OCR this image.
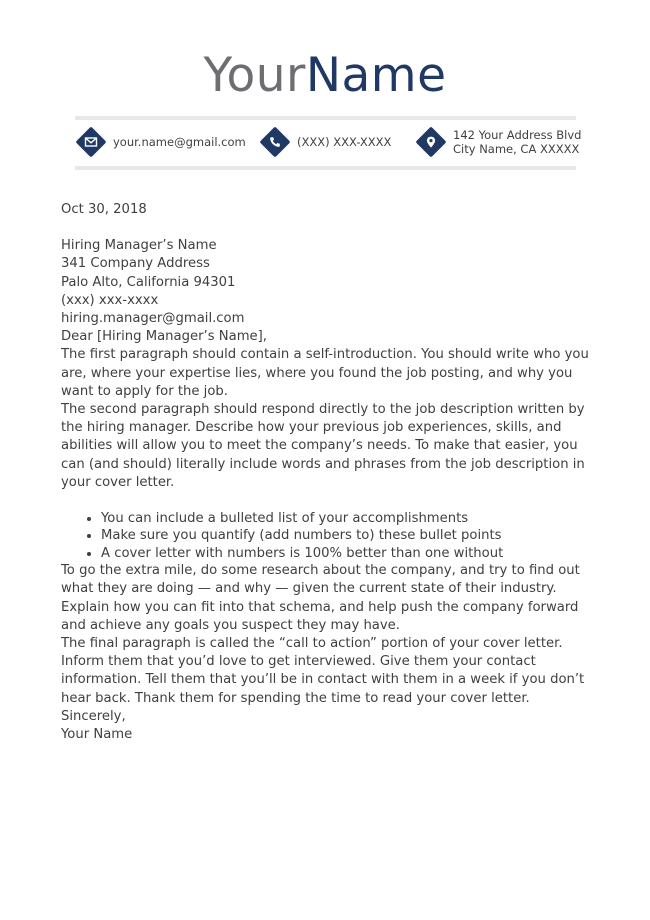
YourName
your.name@gmail.com	(XXX) XXX-XXXX	142 Your Address Blvd
City Name, CA XXXXX

Oct 30, 2018

Hiring Manager’s Name

341 Company Address

Palo Alto, California 94301

(xxx) xxx-xxxx

hiring.manager@gmail.com

Dear [Hiring Manager’s Name],

The first paragraph should contain a self-introduction. You should write who you are, where your expertise lies, where you found the job posting, and why you want to apply for the job.

The second paragraph should respond directly to the job description written by the hiring manager. Describe how your previous job experiences, skills, and abilities will allow you to meet the company’s needs. To make that easier, you can (and should) literally include words and phrases from the job description in your cover letter.

• You can include a bulleted list of your accomplishments
• Make sure you quantify (add numbers to) these bullet points
• A cover letter with numbers is 100% better than one without

To go the extra mile, do some research about the company, and try to find out what they are doing — and why — given the current state of their industry. Explain how you can fit into that schema, and help push the company forward and achieve any goals you suspect they may have.

The final paragraph is called the “call to action” portion of your cover letter. Inform them that you’d love to get interviewed. Give them your contact information. Tell them that you’ll be in contact with them in a week if you don’t hear back. Thank them for spending the time to read your cover letter.

Sincerely,

Your Name
